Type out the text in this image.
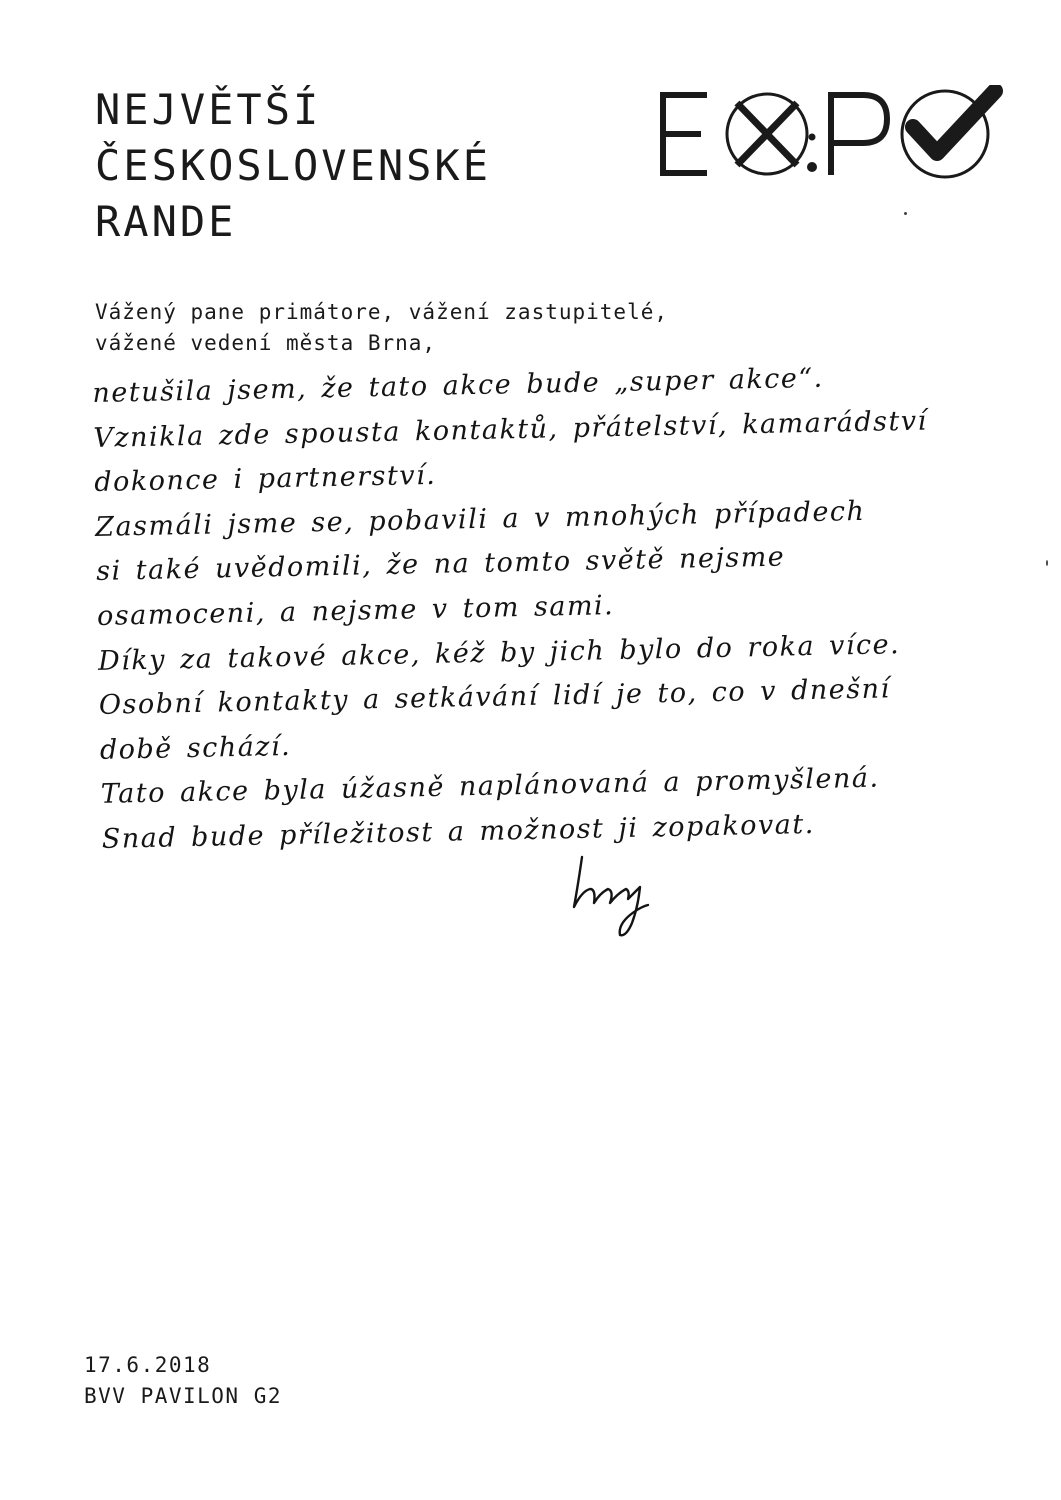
NEJVĚTŠÍ
ČESKOSLOVENSKÉ
RANDE
Vážený pane primátore, vážení zastupitelé,
vážené vedení města Brna,
netušila jsem, že tato akce bude „super akce“.
Vznikla zde spousta kontaktů, přátelství, kamarádství
dokonce i partnerství.
Zasmáli jsme se, pobavili a v mnohých případech
si také uvědomili, že na tomto světě nejsme
osamoceni, a nejsme v tom sami.
Díky za takové akce, kéž by jich bylo do roka více.
Osobní kontakty a setkávání lidí je to, co v dnešní
době schází.
Tato akce byla úžasně naplánovaná a promyšlená.
Snad bude příležitost a možnost ji zopakovat.
17.6.2018
BVV PAVILON G2
